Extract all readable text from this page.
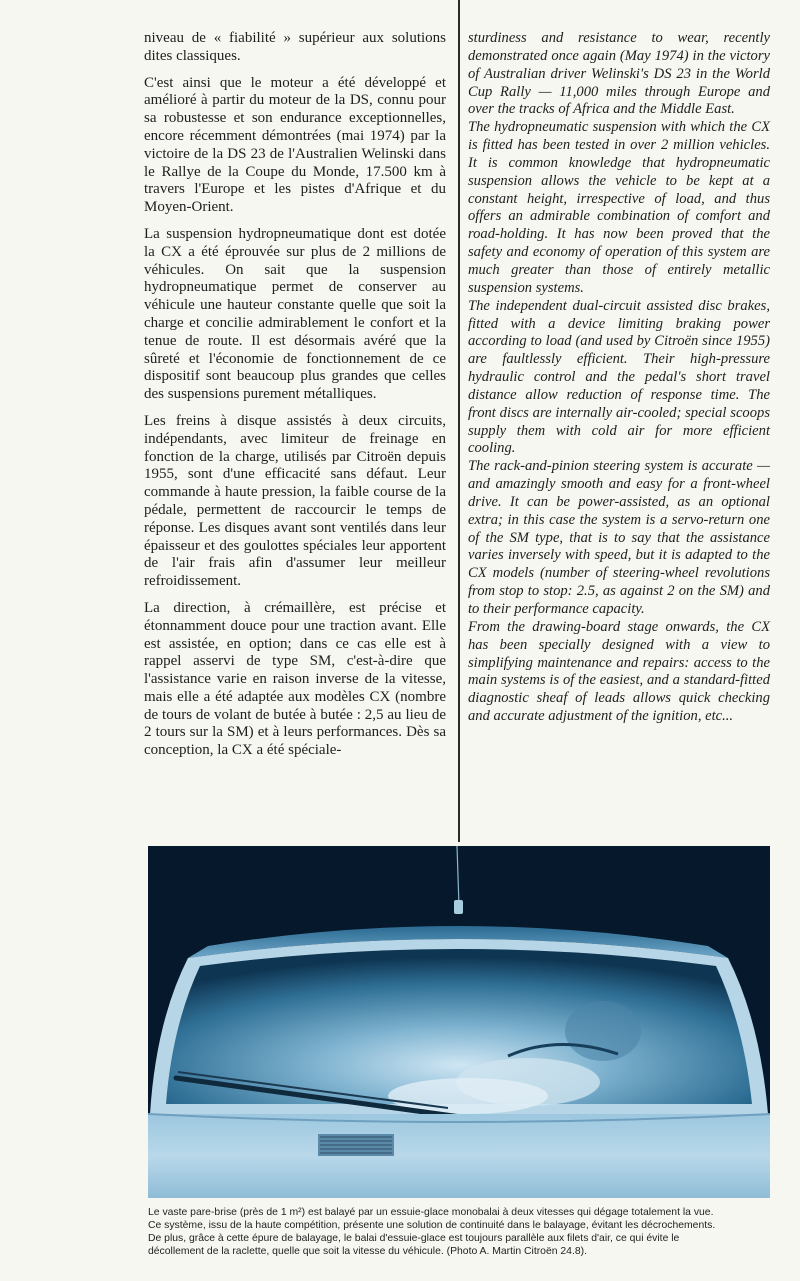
niveau de « fiabilité » supérieur aux solutions dites classiques.

C'est ainsi que le moteur a été développé et amélioré à partir du moteur de la DS, connu pour sa robustesse et son endurance exceptionnelles, encore récemment démontrées (mai 1974) par la victoire de la DS 23 de l'Australien Welinski dans le Rallye de la Coupe du Monde, 17.500 km à travers l'Europe et les pistes d'Afrique et du Moyen-Orient.

La suspension hydropneumatique dont est dotée la CX a été éprouvée sur plus de 2 millions de véhicules. On sait que la suspension hydropneumatique permet de conserver au véhicule une hauteur constante quelle que soit la charge et concilie admirablement le confort et la tenue de route. Il est désormais avéré que la sûreté et l'économie de fonctionnement de ce dispositif sont beaucoup plus grandes que celles des suspensions purement métalliques.

Les freins à disque assistés à deux circuits, indépendants, avec limiteur de freinage en fonction de la charge, utilisés par Citroën depuis 1955, sont d'une efficacité sans défaut. Leur commande à haute pression, la faible course de la pédale, permettent de raccourcir le temps de réponse. Les disques avant sont ventilés dans leur épaisseur et des goulottes spéciales leur apportent de l'air frais afin d'assumer leur meilleur refroidissement.

La direction, à crémaillère, est précise et étonnamment douce pour une traction avant. Elle est assistée, en option; dans ce cas elle est à rappel asservi de type SM, c'est-à-dire que l'assistance varie en raison inverse de la vitesse, mais elle a été adaptée aux modèles CX (nombre de tours de volant de butée à butée : 2,5 au lieu de 2 tours sur la SM) et à leurs performances. Dès sa conception, la CX a été spéciale-

sturdiness and resistance to wear, recently demonstrated once again (May 1974) in the victory of Australian driver Welinski's DS 23 in the World Cup Rally — 11,000 miles through Europe and over the tracks of Africa and the Middle East.

The hydropneumatic suspension with which the CX is fitted has been tested in over 2 million vehicles. It is common knowledge that hydropneumatic suspension allows the vehicle to be kept at a constant height, irrespective of load, and thus offers an admirable combination of comfort and road-holding. It has now been proved that the safety and economy of operation of this system are much greater than those of entirely metallic suspension systems.

The independent dual-circuit assisted disc brakes, fitted with a device limiting braking power according to load (and used by Citroën since 1955) are faultlessly efficient. Their high-pressure hydraulic control and the pedal's short travel distance allow reduction of response time. The front discs are internally air-cooled; special scoops supply them with cold air for more efficient cooling.

The rack-and-pinion steering system is accurate — and amazingly smooth and easy for a front-wheel drive. It can be power-assisted, as an optional extra; in this case the system is a servo-return one of the SM type, that is to say that the assistance varies inversely with speed, but it is adapted to the CX models (number of steering-wheel revolutions from stop to stop: 2.5, as against 2 on the SM) and to their performance capacity.

From the drawing-board stage onwards, the CX has been specially designed with a view to simplifying maintenance and repairs: access to the main systems is of the easiest, and a standard-fitted diagnostic sheaf of leads allows quick checking and accurate adjustment of the ignition, etc...

Le vaste pare-brise (près de 1 m²) est balayé par un essuie-glace monobalai à deux vitesses qui dégage totalement la vue.
Ce système, issu de la haute compétition, présente une solution de continuité dans le balayage, évitant les décrochements.
De plus, grâce à cette épure de balayage, le balai d'essuie-glace est toujours parallèle aux filets d'air, ce qui évite le
décollement de la raclette, quelle que soit la vitesse du véhicule. (Photo A. Martin Citroën 24.8).
